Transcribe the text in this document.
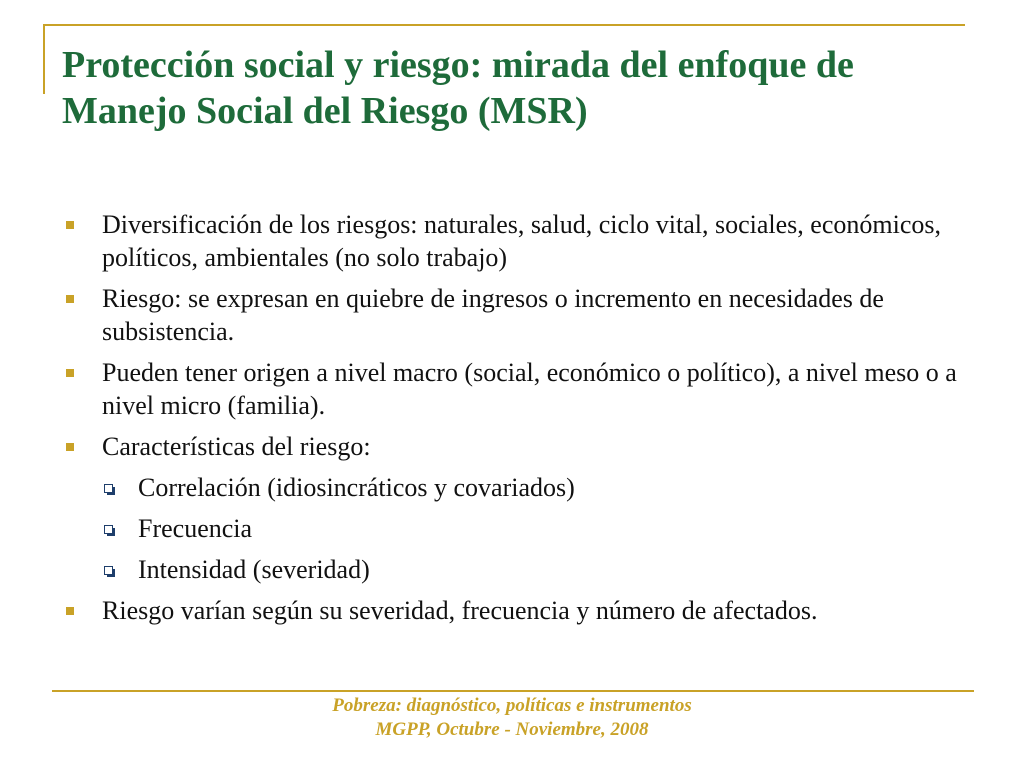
Protección social y riesgo: mirada del enfoque de Manejo Social del Riesgo (MSR)
Diversificación de los riesgos: naturales, salud, ciclo vital, sociales, económicos, políticos, ambientales (no solo trabajo)
Riesgo: se expresan en quiebre de ingresos o incremento en necesidades de subsistencia.
Pueden tener origen a nivel macro (social, económico o político), a nivel meso o a nivel micro (familia).
Características del riesgo:
Correlación (idiosincráticos y covariados)
Frecuencia
Intensidad (severidad)
Riesgo varían según su severidad, frecuencia y número de afectados.
Pobreza: diagnóstico, políticas e instrumentos
MGPP, Octubre - Noviembre, 2008
